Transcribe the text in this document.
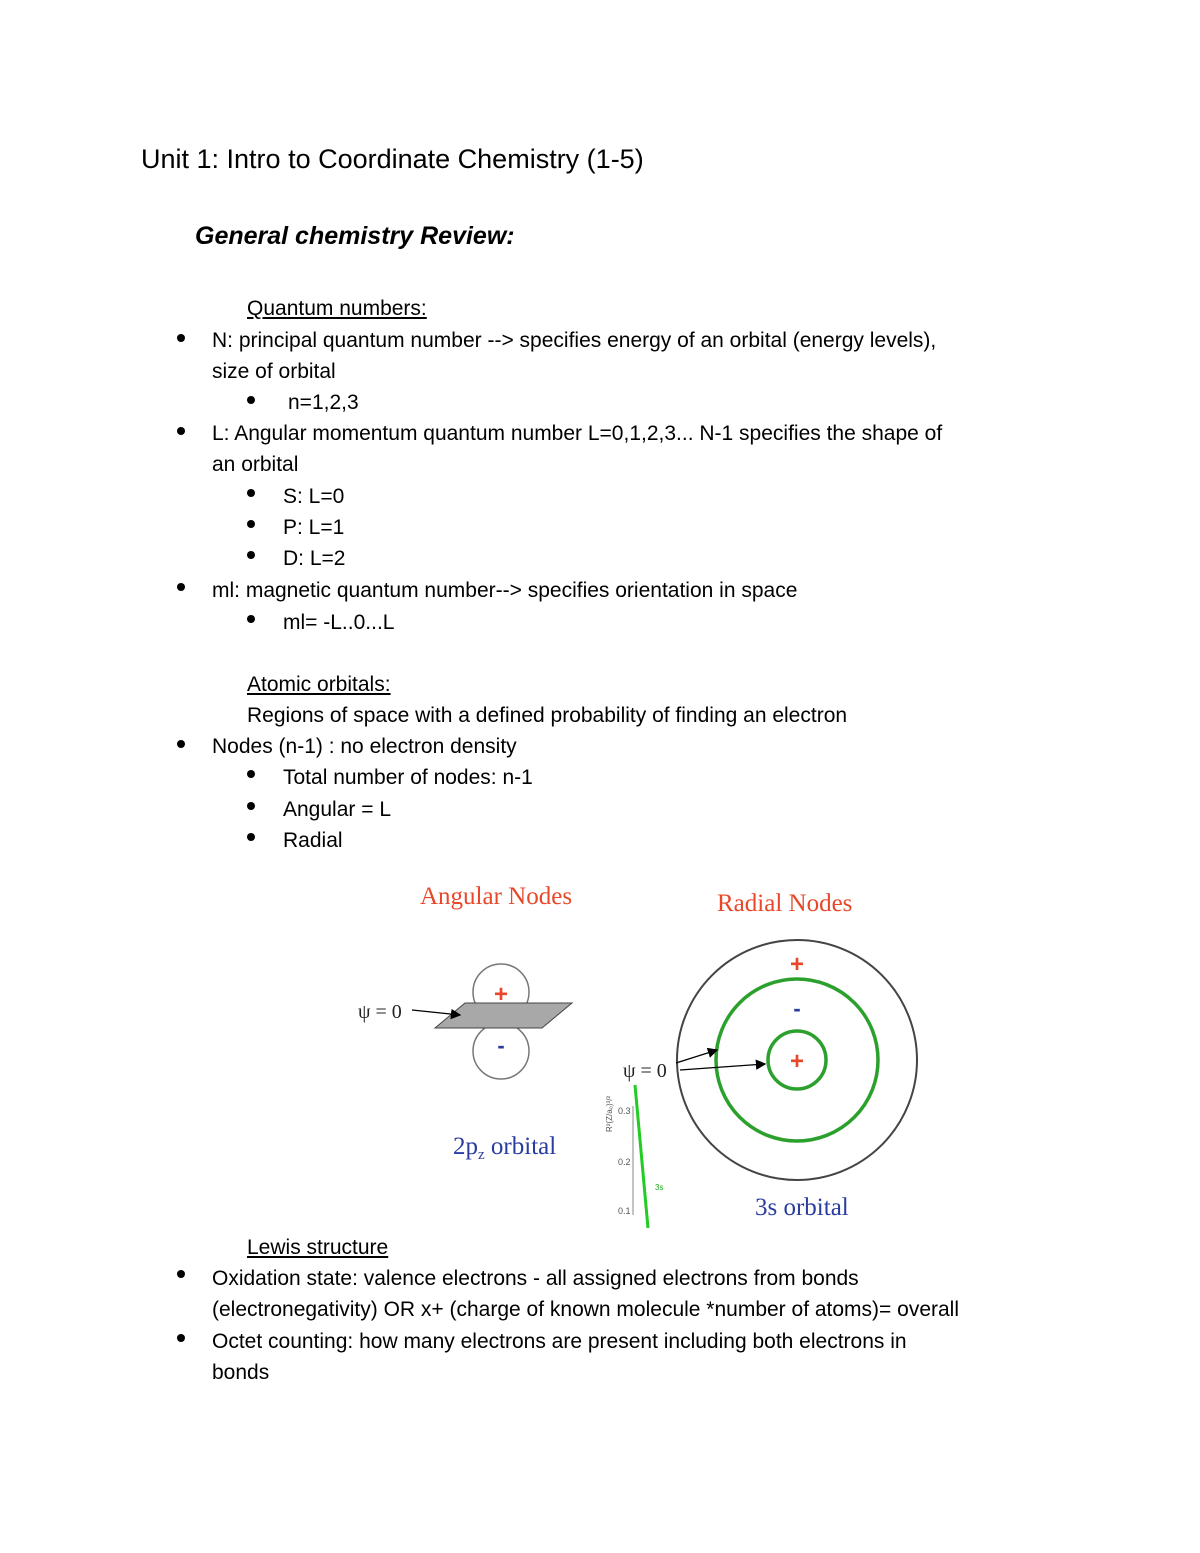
Unit 1: Intro to Coordinate Chemistry (1-5)
General chemistry Review:
Quantum numbers:
N: principal quantum number --> specifies energy of an orbital (energy levels),
size of orbital
n=1,2,3
L: Angular momentum quantum number L=0,1,2,3... N-1 specifies the shape of
an orbital
S: L=0
P: L=1
D: L=2
ml: magnetic quantum number--> specifies orientation in space
ml= -L..0...L
Atomic orbitals:
Regions of space with a defined probability of finding an electron
Nodes (n-1) : no electron density
Total number of nodes: n-1
Angular = L
Radial
Angular Nodes	Radial Nodes
+
-
ψ = 0
$2p_z$ orbital
+
-
+
ψ = 0
3s orbital
R²(Z/a₀)³/² 0.3
0.2
0.1
3s
Lewis structure
Oxidation state: valence electrons - all assigned electrons from bonds
(electronegativity) OR x+ (charge of known molecule *number of atoms)= overall
Octet counting: how many electrons are present including both electrons in
bonds
